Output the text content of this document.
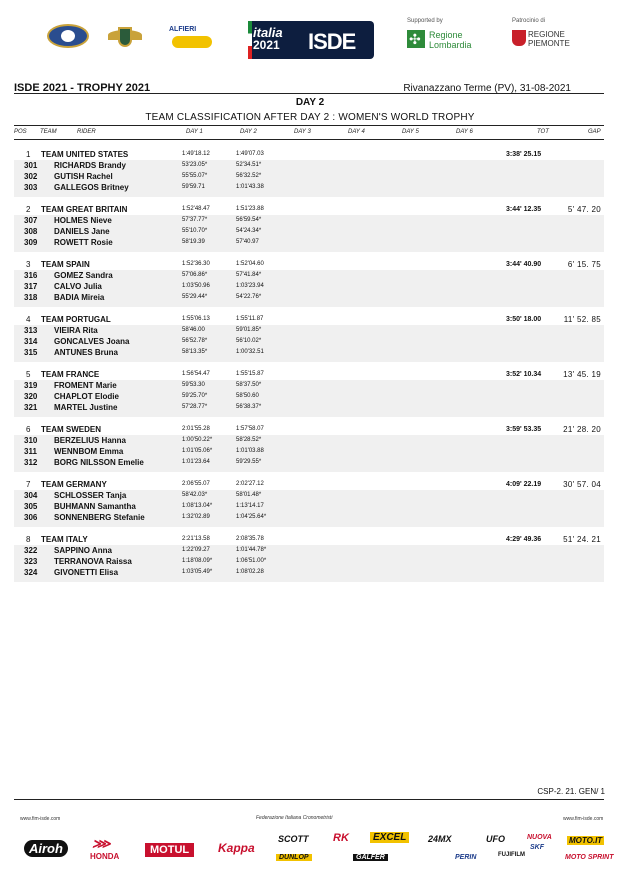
ALFIERI	italia
2021 ISDE
Supported by
✣
Regione Lombardia
Patrocinio di
REGIONE PIEMONTE
ISDE 2021 - TROPHY 2021	Rivanazzano Terme (PV), 31-08-2021
DAY 2
TEAM CLASSIFICATION AFTER DAY 2 : WOMEN'S WORLD TROPHY
POS TEAM	RIDER	DAY 1	DAY 2	DAY 3	DAY 4	DAY 5	DAY 6	TOT	GAP
1 TEAM UNITED STATES	1:49'18.12	1:49'07.03	3:38' 25.15
301 RICHARDS Brandy	53'23.05*	52'34.51*
302 GUTISH Rachel	55'55.07*	56'32.52*
303 GALLEGOS Britney	59'59.71	1:01'43.38
2 TEAM GREAT BRITAIN	1:52'48.47	1:51'23.88	3:44' 12.35	5' 47. 20
307 HOLMES Nieve	57'37.77*	56'59.54*
308 DANIELS Jane	55'10.70*	54'24.34*
309 ROWETT Rosie	58'19.39	57'40.97
3 TEAM SPAIN	1:52'36.30	1:52'04.60	3:44' 40.90	6' 15. 75
316 GOMEZ Sandra	57'06.86*	57'41.84*
317 CALVO Julia	1:03'50.96	1:03'23.94
318 BADIA Mireia	55'29.44*	54'22.76*
4 TEAM PORTUGAL	1:55'06.13	1:55'11.87	3:50' 18.00	11' 52. 85
313 VIEIRA Rita	58'46.00	59'01.85*
314 GONCALVES Joana	56'52.78*	56'10.02*
315 ANTUNES Bruna	58'13.35*	1:00'32.51
5 TEAM FRANCE	1:56'54.47	1:55'15.87	3:52' 10.34	13' 45. 19
319 FROMENT Marie	59'53.30	58'37.50*
320 CHAPLOT Elodie	59'25.70*	58'50.60
321 MARTEL Justine	57'28.77*	56'38.37*
6 TEAM SWEDEN	2:01'55.28	1:57'58.07	3:59' 53.35	21' 28. 20
310 BERZELIUS Hanna	1:00'50.22*	58'28.52*
311 WENNBOM Emma	1:01'05.06*	1:01'03.88
312 BORG NILSSON Emelie	1:01'23.64	59'29.55*
7 TEAM GERMANY	2:06'55.07	2:02'27.12	4:09' 22.19	30' 57. 04
304 SCHLOSSER Tanja	58'42.03*	58'01.48*
305 BUHMANN Samantha	1:08'13.04*	1:13'14.17
306 SONNENBERG Stefanie	1:32'02.89	1:04'25.64*
8 TEAM ITALY	2:21'13.58	2:08'35.78	4:29' 49.36	51' 24. 21
322 SAPPINO Anna	1:22'09.27	1:01'44.78*
323 TERRANOVA Raissa	1:18'08.09*	1:06'51.00*
324 GIVONETTI Elisa	1:03'05.49*	1:08'02.28
CSP-2. 21. GEN/ 1
www.fim-isde.com	Federazione Italiana Cronometristi	www.fim-isde.com
Airoh
HONDA
⋙	MOTUL	Kappa
SCOTT RK	EXCEL	24MX	UFO	NUOVA
DUNLOP	GALFER	PERIN	FUJIFILM
SKF
MOTO.IT
MOTO SPRINT
